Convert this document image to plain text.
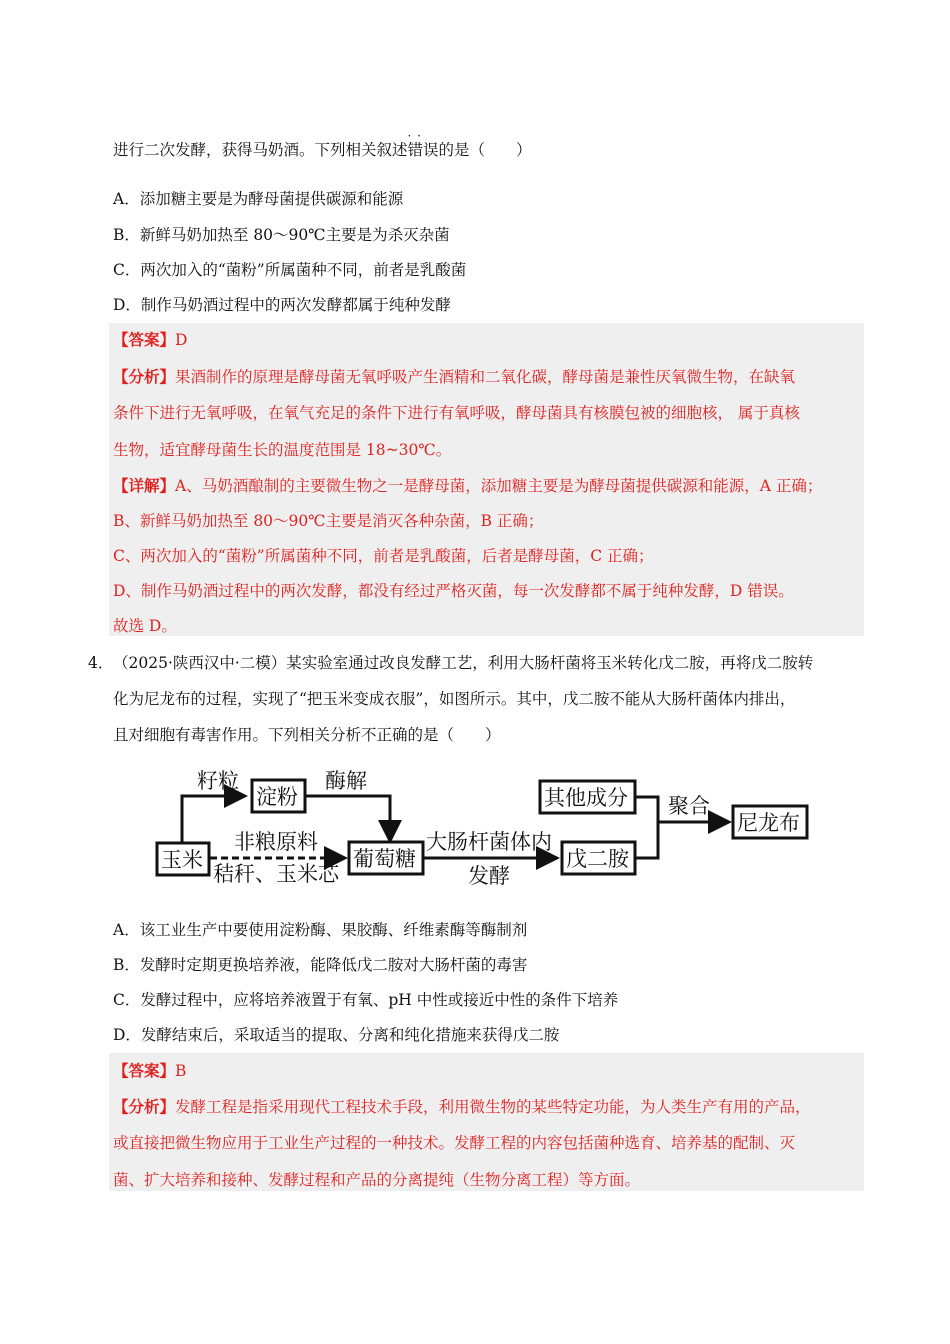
进行二次发酵，获得马奶酒。下列相关叙述· · 错误的是（　　）
A．添加糖主要是为酵母菌提供碳源和能源
B．新鲜马奶加热至 80～90℃主要是为杀灭杂菌
C．两次加入的“菌粉”所属菌种不同，前者是乳酸菌
D．制作马奶酒过程中的两次发酵都属于纯种发酵
【答案】D
【分析】果酒制作的原理是酵母菌无氧呼吸产生酒精和二氧化碳，酵母菌是兼性厌氧微生物，在缺氧
条件下进行无氧呼吸，在氧气充足的条件下进行有氧呼吸，酵母菌具有核膜包被的细胞核， 属于真核
生物，适宜酵母菌生长的温度范围是 18~30℃。
【详解】A、马奶酒酿制的主要微生物之一是酵母菌，添加糖主要是为酵母菌提供碳源和能源，A 正确；
B、新鲜马奶加热至 80～90℃主要是消灭各种杂菌，B 正确；
C、两次加入的“菌粉”所属菌种不同，前者是乳酸菌，后者是酵母菌，C 正确；
D、制作马奶酒过程中的两次发酵，都没有经过严格灭菌，每一次发酵都不属于纯种发酵，D 错误。
故选 D。
4． （2025·陕西汉中·二模）某实验室通过改良发酵工艺，利用大肠杆菌将玉米转化戊二胺，再将戊二胺转
化为尼龙布的过程，实现了“把玉米变成衣服”，如图所示。其中，戊二胺不能从大肠杆菌体内排出，
且对细胞有毒害作用。下列相关分析不正确的是（　　）
玉米
淀粉
葡萄糖
其他成分
戊二胺
尼龙布
籽粒	酶解
非粮原料
秸秆、玉米芯
大肠杆菌体内
发酵
聚合
A．该工业生产中要使用淀粉酶、果胶酶、纤维素酶等酶制剂
B．发酵时定期更换培养液，能降低戊二胺对大肠杆菌的毒害
C．发酵过程中，应将培养液置于有氧、pH 中性或接近中性的条件下培养
D．发酵结束后，采取适当的提取、分离和纯化措施来获得戊二胺
【答案】B
【分析】发酵工程是指采用现代工程技术手段，利用微生物的某些特定功能，为人类生产有用的产品，
或直接把微生物应用于工业生产过程的一种技术。发酵工程的内容包括菌种选育、培养基的配制、灭
菌、扩大培养和接种、发酵过程和产品的分离提纯（生物分离工程）等方面。
